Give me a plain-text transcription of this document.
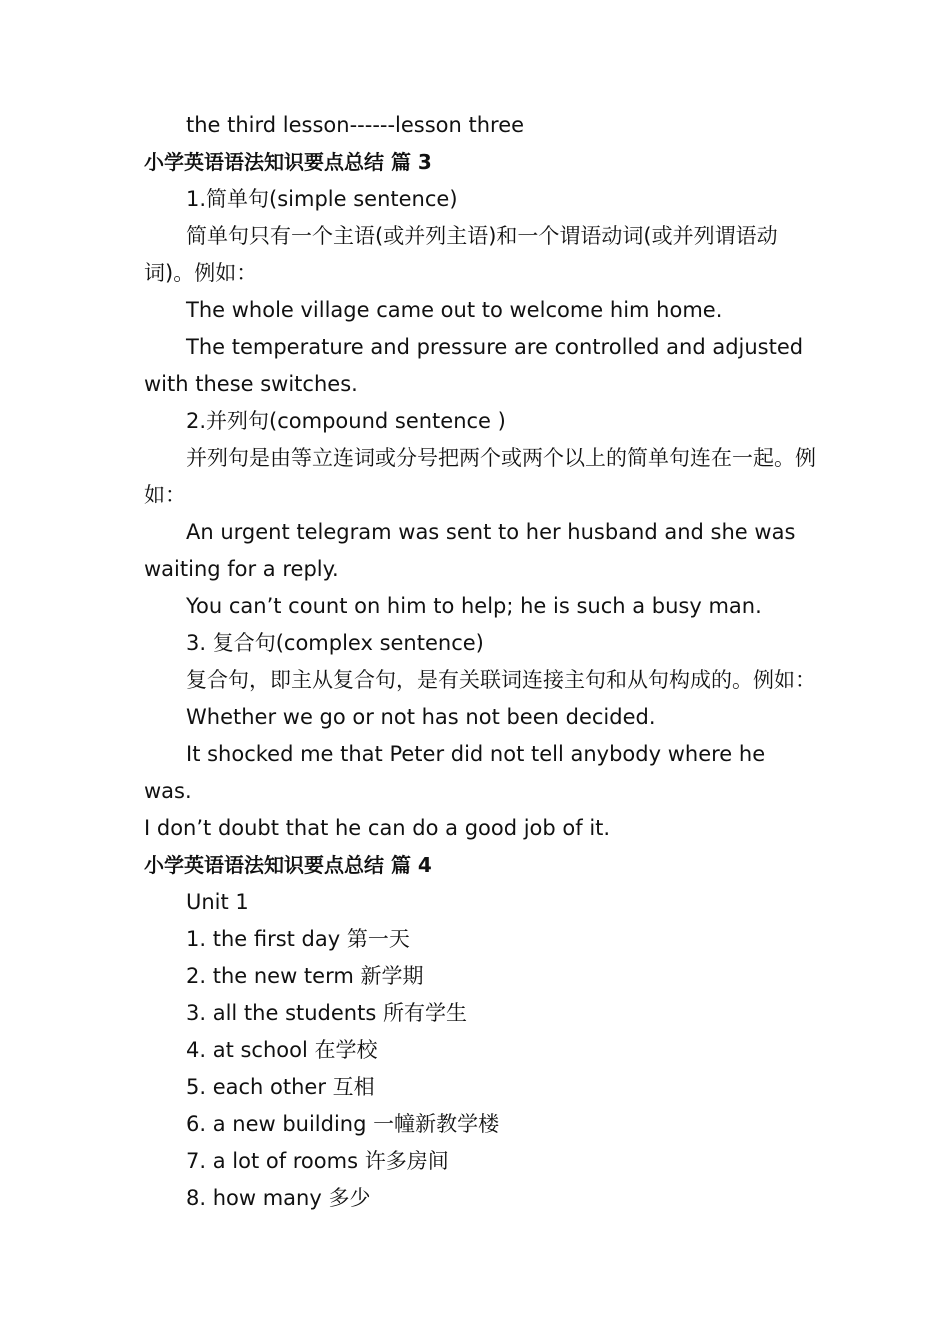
the third lesson------lesson three

小学英语语法知识要点总结 篇 3

1.简单句(simple sentence)

简单句只有一个主语(或并列主语)和一个谓语动词(或并列谓语动词)。例如：

The whole village came out to welcome him home.

The temperature and pressure are controlled and adjusted with these switches.

2.并列句(compound sentence )

并列句是由等立连词或分号把两个或两个以上的简单句连在一起。例如：

An urgent telegram was sent to her husband and she was waiting for a reply.

You can’t count on him to help; he is such a busy man.

3. 复合句(complex sentence)

复合句，即主从复合句，是有关联词连接主句和从句构成的。例如：

Whether we go or not has not been decided.

It shocked me that Peter did not tell anybody where he was.

I don’t doubt that he can do a good job of it.

小学英语语法知识要点总结 篇 4

Unit 1

1. the first day 第一天

2. the new term 新学期

3. all the students 所有学生

4. at school 在学校

5. each other 互相

6. a new building 一幢新教学楼

7. a lot of rooms 许多房间

8. how many 多少
